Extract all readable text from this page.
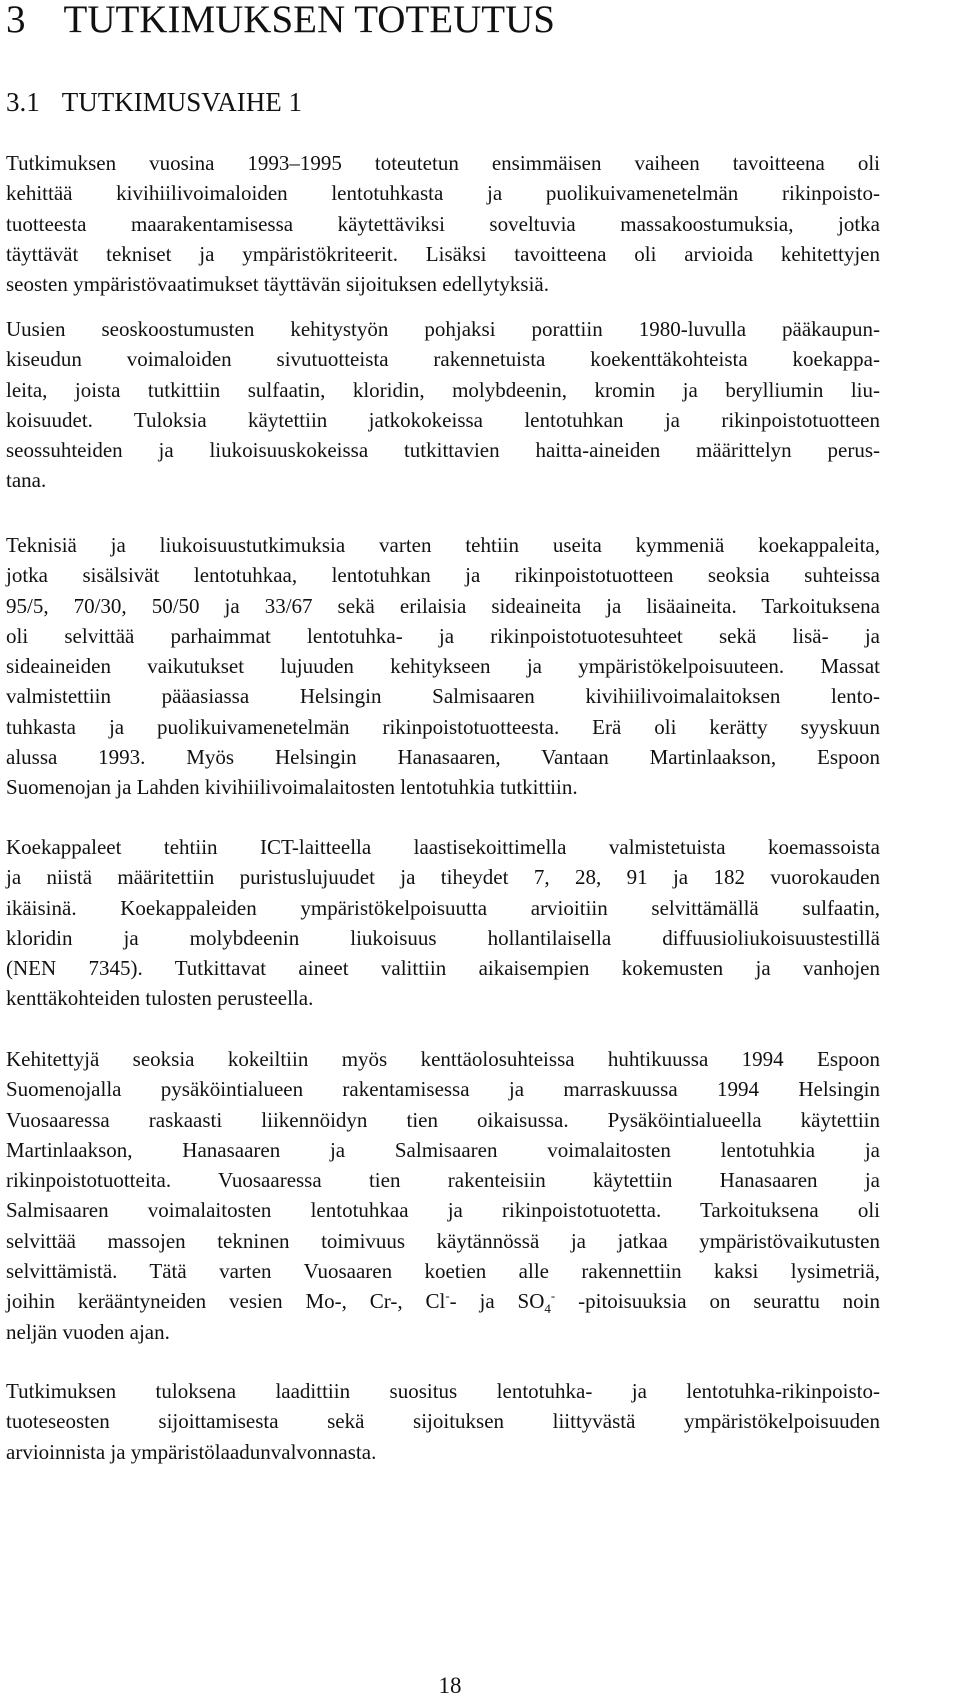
3 TUTKIMUKSEN TOTEUTUS
3.1 TUTKIMUSVAIHE 1
Tutkimuksen vuosina 1993–1995 toteutetun ensimmäisen vaiheen tavoitteena oli
kehittää kivihiilivoimaloiden lentotuhkasta ja puolikuivamenetelmän rikinpoisto-
tuotteesta maarakentamisessa käytettäviksi soveltuvia massakoostumuksia, jotka
täyttävät tekniset ja ympäristökriteerit. Lisäksi tavoitteena oli arvioida kehitettyjen
seosten ympäristövaatimukset täyttävän sijoituksen edellytyksiä.
Uusien seoskoostumusten kehitystyön pohjaksi porattiin 1980-luvulla pääkaupun-
kiseudun voimaloiden sivutuotteista rakennetuista koekenttäkohteista koekappa-
leita, joista tutkittiin sulfaatin, kloridin, molybdeenin, kromin ja berylliumin liu-
koisuudet. Tuloksia käytettiin jatkokokeissa lentotuhkan ja rikinpoistotuotteen
seossuhteiden ja liukoisuuskokeissa tutkittavien haitta-aineiden määrittelyn perus-
tana.
Teknisiä ja liukoisuustutkimuksia varten tehtiin useita kymmeniä koekappaleita,
jotka sisälsivät lentotuhkaa, lentotuhkan ja rikinpoistotuotteen seoksia suhteissa
95/5, 70/30, 50/50 ja 33/67 sekä erilaisia sideaineita ja lisäaineita. Tarkoituksena
oli selvittää parhaimmat lentotuhka- ja rikinpoistotuotesuhteet sekä lisä- ja
sideaineiden vaikutukset lujuuden kehitykseen ja ympäristökelpoisuuteen. Massat
valmistettiin pääasiassa Helsingin Salmisaaren kivihiilivoimalaitoksen lento-
tuhkasta ja puolikuivamenetelmän rikinpoistotuotteesta. Erä oli kerätty syyskuun
alussa 1993. Myös Helsingin Hanasaaren, Vantaan Martinlaakson, Espoon
Suomenojan ja Lahden kivihiilivoimalaitosten lentotuhkia tutkittiin.
Koekappaleet tehtiin ICT-laitteella laastisekoittimella valmistetuista koemassoista
ja niistä määritettiin puristuslujuudet ja tiheydet 7, 28, 91 ja 182 vuorokauden
ikäisinä. Koekappaleiden ympäristökelpoisuutta arvioitiin selvittämällä sulfaatin,
kloridin ja molybdeenin liukoisuus hollantilaisella diffuusioliukoisuustestillä
(NEN 7345). Tutkittavat aineet valittiin aikaisempien kokemusten ja vanhojen
kenttäkohteiden tulosten perusteella.
Kehitettyjä seoksia kokeiltiin myös kenttäolosuhteissa huhtikuussa 1994 Espoon
Suomenojalla pysäköintialueen rakentamisessa ja marraskuussa 1994 Helsingin
Vuosaaressa raskaasti liikennöidyn tien oikaisussa. Pysäköintialueella käytettiin
Martinlaakson, Hanasaaren ja Salmisaaren voimalaitosten lentotuhkia ja
rikinpoistotuotteita. Vuosaaressa tien rakenteisiin käytettiin Hanasaaren ja
Salmisaaren voimalaitosten lentotuhkaa ja rikinpoistotuotetta. Tarkoituksena oli
selvittää massojen tekninen toimivuus käytännössä ja jatkaa ympäristövaikutusten
selvittämistä. Tätä varten Vuosaaren koetien alle rakennettiin kaksi lysimetriä,
joihin kerääntyneiden vesien Mo-, Cr-, Cl-- ja $SO_4^-$ -pitoisuuksia on seurattu noin
neljän vuoden ajan.
Tutkimuksen tuloksena laadittiin suositus lentotuhka- ja lentotuhka-rikinpoisto-
tuoteseosten sijoittamisesta sekä sijoituksen liittyvästä ympäristökelpoisuuden
arvioinnista ja ympäristölaadunvalvonnasta.
18
